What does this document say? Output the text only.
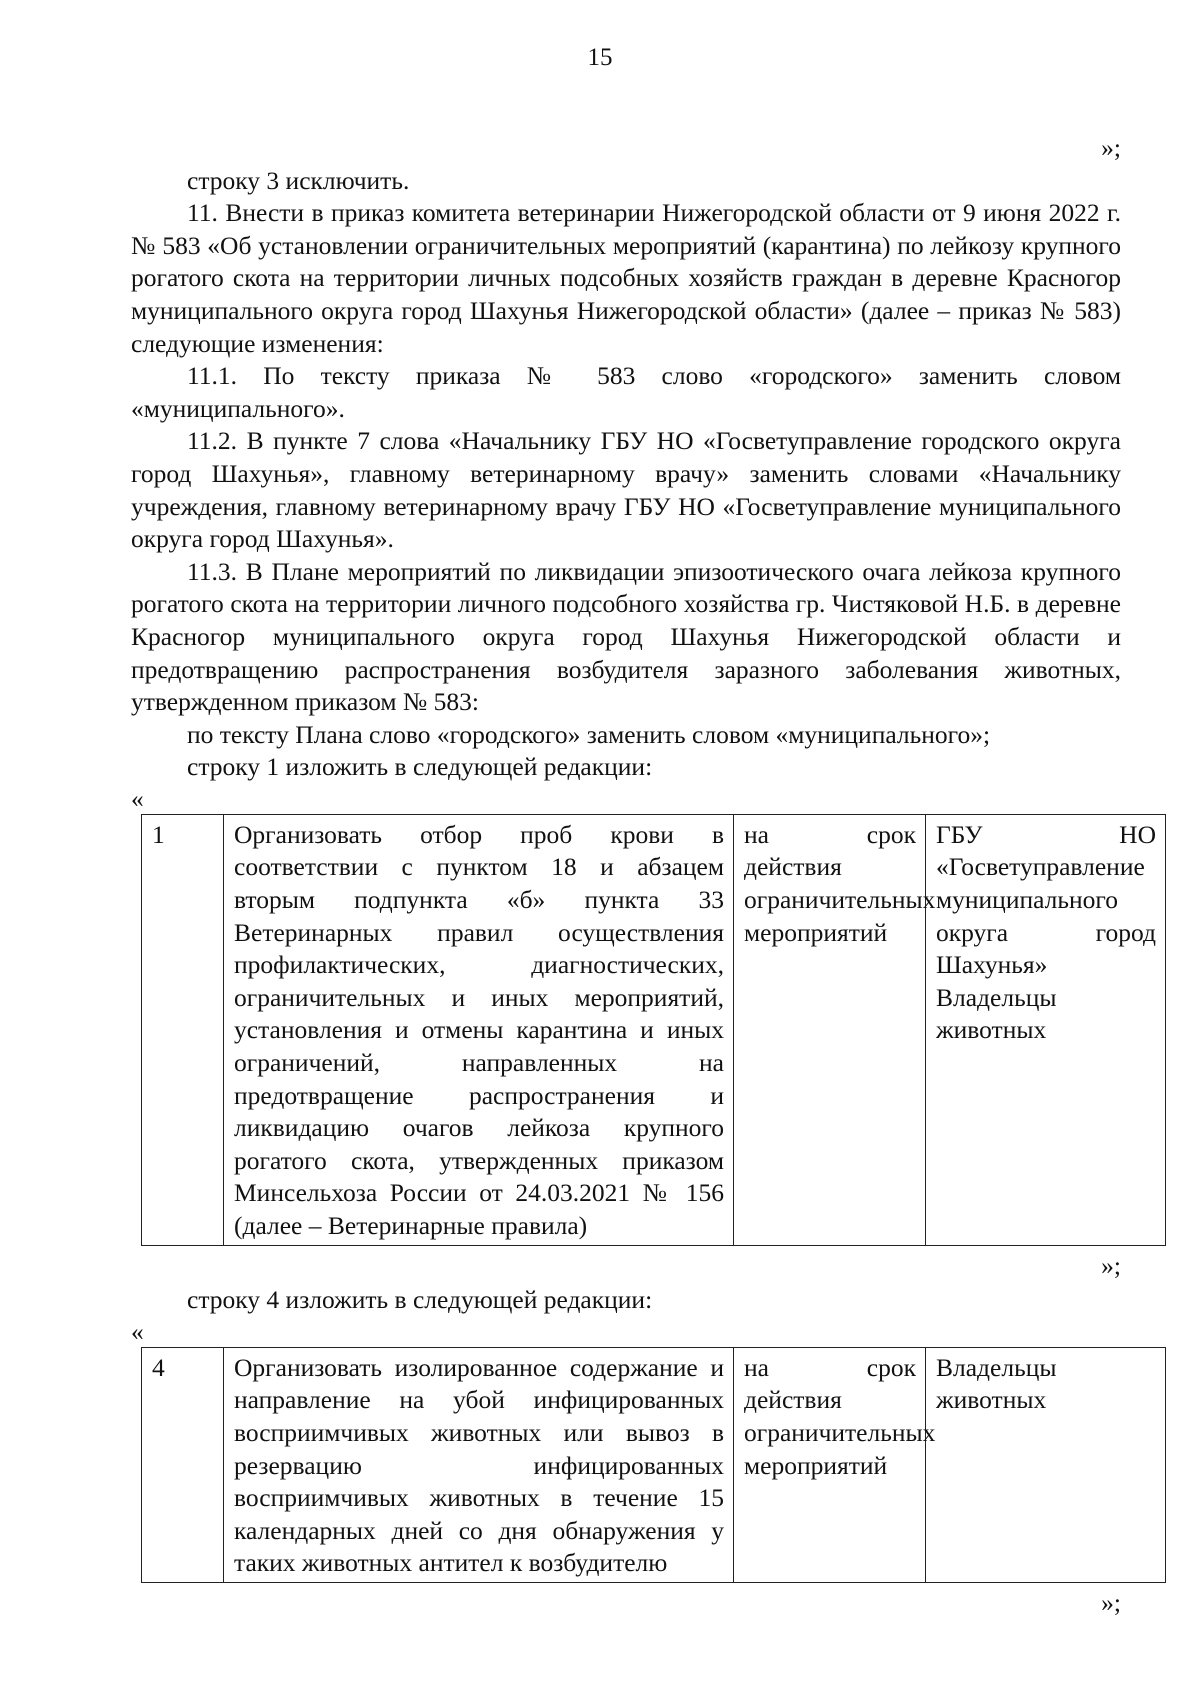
15

»;

строку 3 исключить.

11. Внести в приказ комитета ветеринарии Нижегородской области от 9 июня 2022 г. № 583 «Об установлении ограничительных мероприятий (карантина) по лейкозу крупного рогатого скота на территории личных подсобных хозяйств граждан в деревне Красногор муниципального округа город Шахунья Нижегородской области» (далее – приказ № 583) следующие изменения:

11.1. По тексту приказа № 583 слово «городского» заменить словом «муниципального».

11.2. В пункте 7 слова «Начальнику ГБУ НО «Госветуправление городского округа город Шахунья», главному ветеринарному врачу» заменить словами «Начальнику учреждения, главному ветеринарному врачу ГБУ НО «Госветуправление муниципального округа город Шахунья».

11.3. В Плане мероприятий по ликвидации эпизоотического очага лейкоза крупного рогатого скота на территории личного подсобного хозяйства гр. Чистяковой Н.Б. в деревне Красногор муниципального округа город Шахунья Нижегородской области и предотвращению распространения возбудителя заразного заболевания животных, утвержденном приказом № 583:

по тексту Плана слово «городского» заменить словом «муниципального»;

строку 1 изложить в следующей редакции:

«

1	Организовать отбор проб крови в соответствии с пунктом 18 и абзацем вторым подпункта «б» пункта 33 Ветеринарных правил осуществления профилактических, диагностических, ограничительных и иных мероприятий, установления и отмены карантина и иных ограничений, направленных на предотвращение распространения и ликвидацию очагов лейкоза крупного рогатого скота, утвержденных приказом Минсельхоза России от 24.03.2021 № 156 (далее – Ветеринарные правила)	на срок действия ограничительных мероприятий	ГБУ НО «Госветуправление муниципального округа город Шахунья» Владельцы животных

»;

строку 4 изложить в следующей редакции:

«

4	Организовать изолированное содержание и направление на убой инфицированных восприимчивых животных или вывоз в резервацию инфицированных восприимчивых животных в течение 15 календарных дней со дня обнаружения у таких животных антител к возбудителю	на срок действия ограничительных мероприятий	Владельцы животных

»;
